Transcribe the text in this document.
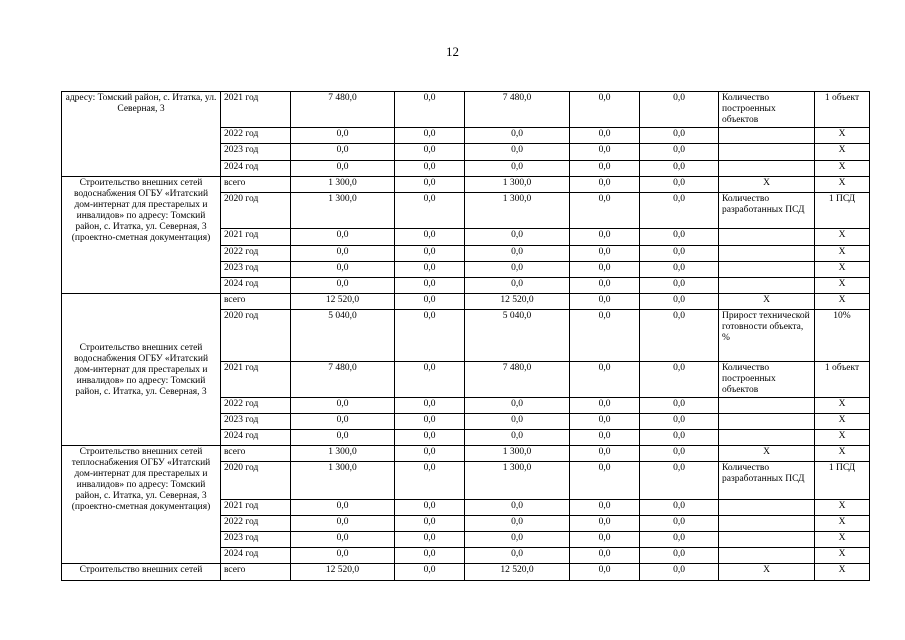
12
адресу: Томский район, с. Итатка, ул. Северная, 3	2021 год	7 480,0	0,0	7 480,0	0,0	0,0	Количество построенных объектов	1 объект
	2022 год	0,0	0,0	0,0	0,0	0,0		X
	2023 год	0,0	0,0	0,0	0,0	0,0		X
	2024 год	0,0	0,0	0,0	0,0	0,0		X
Строительство внешних сетей водоснабжения ОГБУ «Итатский дом-интернат для престарелых и инвалидов» по адресу: Томский район, с. Итатка, ул. Северная, 3 (проектно-сметная документация)	всего	1 300,0	0,0	1 300,0	0,0	0,0	X	X
	2020 год	1 300,0	0,0	1 300,0	0,0	0,0	Количество разработанных ПСД	1 ПСД
	2021 год	0,0	0,0	0,0	0,0	0,0		X
	2022 год	0,0	0,0	0,0	0,0	0,0		X
	2023 год	0,0	0,0	0,0	0,0	0,0		X
	2024 год	0,0	0,0	0,0	0,0	0,0		X
Строительство внешних сетей водоснабжения ОГБУ «Итатский дом-интернат для престарелых и инвалидов» по адресу: Томский район, с. Итатка, ул. Северная, 3	всего	12 520,0	0,0	12 520,0	0,0	0,0	X	X
	2020 год	5 040,0	0,0	5 040,0	0,0	0,0	Прирост технической готовности объекта, %	10%
	2021 год	7 480,0	0,0	7 480,0	0,0	0,0	Количество построенных объектов	1 объект
	2022 год	0,0	0,0	0,0	0,0	0,0		X
	2023 год	0,0	0,0	0,0	0,0	0,0		X
	2024 год	0,0	0,0	0,0	0,0	0,0		X
Строительство внешних сетей теплоснабжения ОГБУ «Итатский дом-интернат для престарелых и инвалидов» по адресу: Томский район, с. Итатка, ул. Северная, 3 (проектно-сметная документация)	всего	1 300,0	0,0	1 300,0	0,0	0,0	X	X
	2020 год	1 300,0	0,0	1 300,0	0,0	0,0	Количество разработанных ПСД	1 ПСД
	2021 год	0,0	0,0	0,0	0,0	0,0		X
	2022 год	0,0	0,0	0,0	0,0	0,0		X
	2023 год	0,0	0,0	0,0	0,0	0,0		X
	2024 год	0,0	0,0	0,0	0,0	0,0		X
Строительство внешних сетей	всего	12 520,0	0,0	12 520,0	0,0	0,0	X	X
